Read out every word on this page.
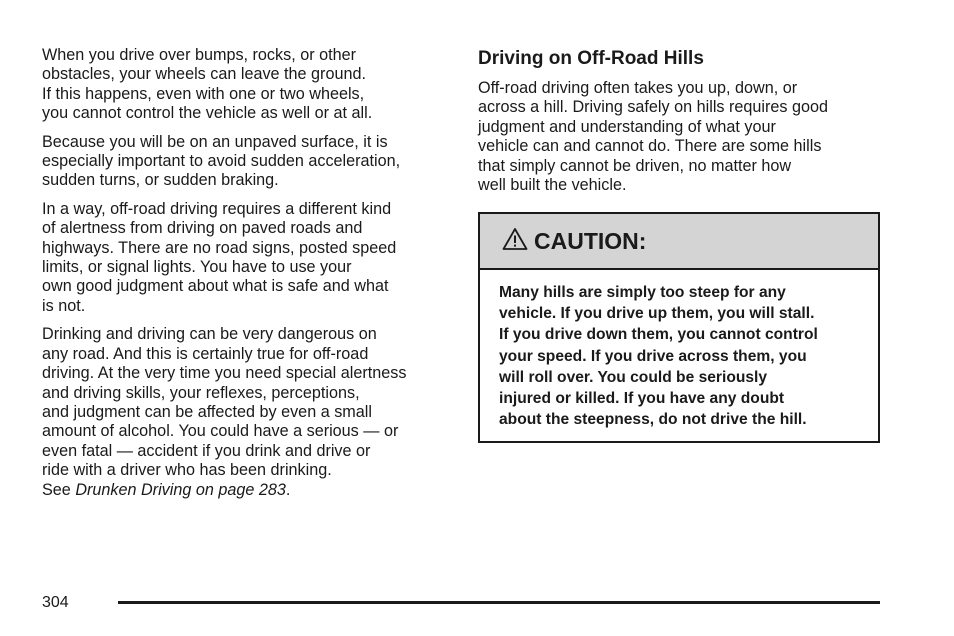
When you drive over bumps, rocks, or other
obstacles, your wheels can leave the ground.
If this happens, even with one or two wheels,
you cannot control the vehicle as well or at all.

Because you will be on an unpaved surface, it is
especially important to avoid sudden acceleration,
sudden turns, or sudden braking.

In a way, off-road driving requires a different kind
of alertness from driving on paved roads and
highways. There are no road signs, posted speed
limits, or signal lights. You have to use your
own good judgment about what is safe and what
is not.

Drinking and driving can be very dangerous on
any road. And this is certainly true for off-road
driving. At the very time you need special alertness
and driving skills, your reflexes, perceptions,
and judgment can be affected by even a small
amount of alcohol. You could have a serious — or
even fatal — accident if you drink and drive or
ride with a driver who has been drinking.

See Drunken Driving on page 283.

Driving on Off-Road Hills

Off-road driving often takes you up, down, or
across a hill. Driving safely on hills requires good
judgment and understanding of what your
vehicle can and cannot do. There are some hills
that simply cannot be driven, no matter how
well built the vehicle.

CAUTION:

Many hills are simply too steep for any
vehicle. If you drive up them, you will stall.
If you drive down them, you cannot control
your speed. If you drive across them, you
will roll over. You could be seriously
injured or killed. If you have any doubt
about the steepness, do not drive the hill.

304
